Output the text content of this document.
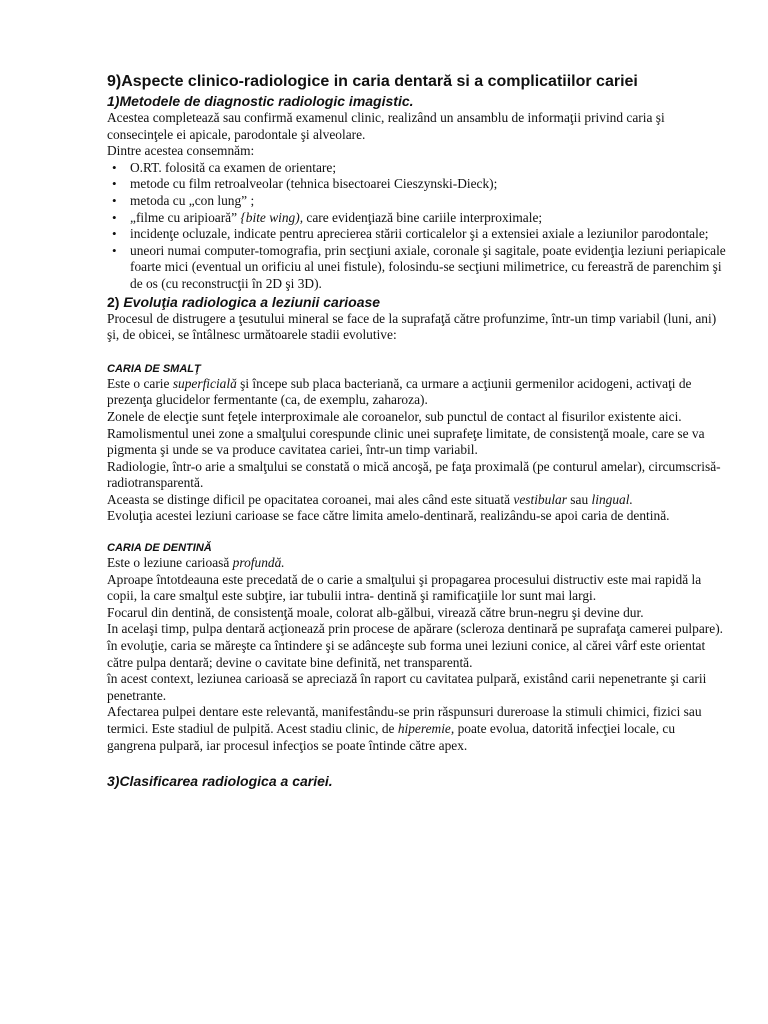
9)Aspecte clinico-radiologice in caria dentară si a complicatiilor cariei
1)Metodele de diagnostic radiologic imagistic.

Acestea completează sau confirmă examenul clinic, realizând un ansamblu de informaţii privind caria şi consecinţele ei apicale, parodontale şi alveolare.

Dintre acestea consemnăm:

• O.RT. folosită ca examen de orientare;
• metode cu film retroalveolar (tehnica bisectoarei Cieszynski-Dieck);
• metoda cu „con lung” ;
• „filme cu aripioară” {bite wing), care evidenţiază bine cariile interproximale;
• incidenţe ocluzale, indicate pentru aprecierea stării corticalelor şi a extensiei axiale a leziunilor parodontale;
• uneori numai computer-tomografia, prin secţiuni axiale, coronale şi sagitale, poate evidenţia leziuni periapicale foarte mici (eventual un orificiu al unei fistule), folosindu-se secţiuni milimetrice, cu fereastră de parenchim şi de os (cu reconstrucţii în 2D şi 3D).
2) Evoluţia radiologica a leziunii carioase

Procesul de distrugere a ţesutului mineral se face de la suprafaţă către profunzime, într-un timp variabil (luni, ani) şi, de obicei, se întâlnesc următoarele stadii evolutive:

CARIA DE SMALŢ

Este o carie superficială şi începe sub placa bacteriană, ca urmare a acţiunii germenilor acidogeni, activaţi de prezenţa glucidelor fermentante (ca, de exemplu, zaharoza).

Zonele de elecţie sunt feţele interproximale ale coroanelor, sub punctul de contact al fisurilor existente aici.

Ramolismentul unei zone a smalţului corespunde clinic unei suprafeţe limitate, de consistenţă moale, care se va pigmenta şi unde se va produce cavitatea cariei, într-un timp variabil.

Radiologie, într-o arie a smalţului se constată o mică ancoşă, pe faţa proximală (pe conturul amelar), circumscrisă-radiotransparentă.

Aceasta se distinge dificil pe opacitatea coroanei, mai ales când este situată vestibular sau lingual.

Evoluţia acestei leziuni carioase se face către limita amelo-dentinară, realizându-se apoi caria de dentină.

CARIA DE DENTINĂ

Este o leziune carioasă profundă.

Aproape întotdeauna este precedată de o carie a smalţului şi propagarea procesului distructiv este mai rapidă la copii, la care smalţul este subţire, iar tubulii intra- dentină şi ramificaţiile lor sunt mai largi.

Focarul din dentină, de consistenţă moale, colorat alb-gălbui, virează către brun-negru şi devine dur.

In acelaşi timp, pulpa dentară acţionează prin procese de apărare (scleroza dentinară pe suprafaţa camerei pulpare).

în evoluţie, caria se măreşte ca întindere şi se adânceşte sub forma unei leziuni conice, al cărei vârf este orientat către pulpa dentară; devine o cavitate bine definită, net transparentă.

în acest context, leziunea carioasă se apreciază în raport cu cavitatea pulpară, existând carii nepenetrante şi carii penetrante.

Afectarea pulpei dentare este relevantă, manifestându-se prin răspunsuri dureroase la stimuli chimici, fizici sau termici. Este stadiul de pulpită. Acest stadiu clinic, de hiperemie, poate evolua, datorită infecţiei locale, cu gangrena pulpară, iar procesul infecţios se poate întinde către apex.

3)Clasificarea radiologica a cariei.
